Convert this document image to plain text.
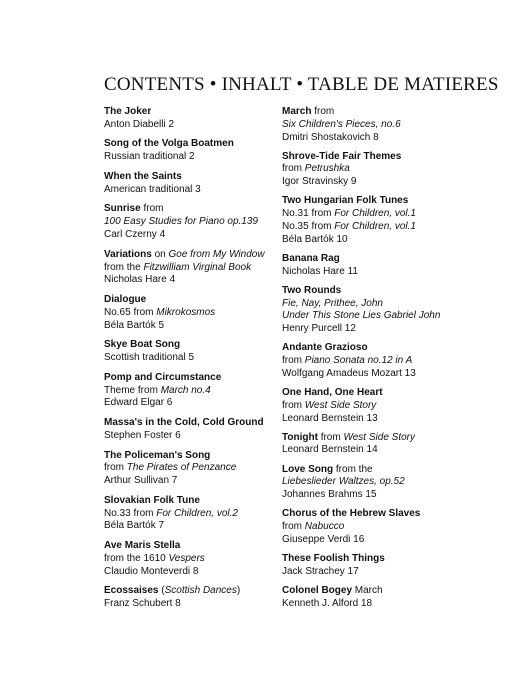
CONTENTS • INHALT • TABLE DE MATIERES
The Joker
Anton Diabelli 2
Song of the Volga Boatmen
Russian traditional 2
When the Saints
American traditional 3
Sunrise from
100 Easy Studies for Piano op.139
Carl Czerny 4
Variations on Goe from My Window
from the Fitzwilliam Virginal Book
Nicholas Hare 4
Dialogue
No.65 from Mikrokosmos
Béla Bartók 5
Skye Boat Song
Scottish traditional 5
Pomp and Circumstance
Theme from March no.4
Edward Elgar 6
Massa's in the Cold, Cold Ground
Stephen Foster 6
The Policeman's Song
from The Pirates of Penzance
Arthur Sullivan 7
Slovakian Folk Tune
No.33 from For Children, vol.2
Béla Bartók 7
Ave Maris Stella
from the 1610 Vespers
Claudio Monteverdi 8
Ecossaises (Scottish Dances)
Franz Schubert 8
March from
Six Children's Pieces, no.6
Dmitri Shostakovich 8
Shrove-Tide Fair Themes
from Petrushka
Igor Stravinsky 9
Two Hungarian Folk Tunes
No.31 from For Children, vol.1
No.35 from For Children, vol.1
Béla Bartók 10
Banana Rag
Nicholas Hare 11
Two Rounds
Fie, Nay, Prithee, John
Under This Stone Lies Gabriel John
Henry Purcell 12
Andante Grazioso
from Piano Sonata no.12 in A
Wolfgang Amadeus Mozart 13
One Hand, One Heart
from West Side Story
Leonard Bernstein 13
Tonight from West Side Story
Leonard Bernstein 14
Love Song from the
Liebeslieder Waltzes, op.52
Johannes Brahms 15
Chorus of the Hebrew Slaves
from Nabucco
Giuseppe Verdi 16
These Foolish Things
Jack Strachey 17
Colonel Bogey March
Kenneth J. Alford 18
